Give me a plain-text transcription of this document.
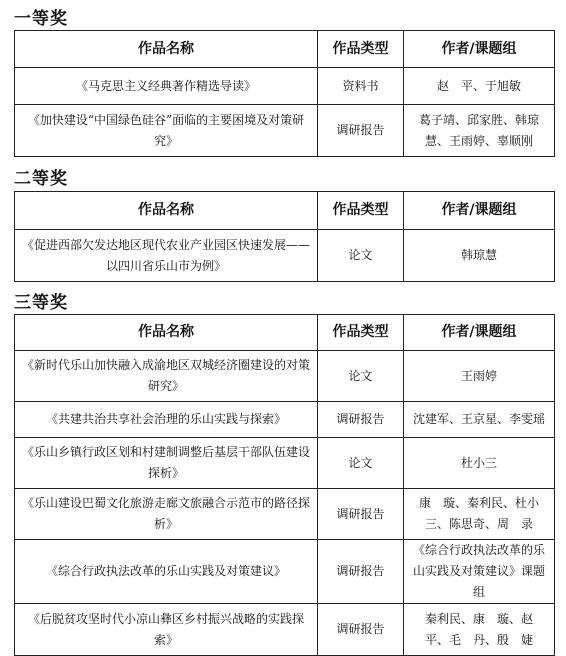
一等奖
作品名称	作品类型	作者/课题组
《马克思主义经典著作精选导读》	资料书	赵　平、于旭敏
《加快建设“中国绿色硅谷”面临的主要困境及对策研究》	调研报告	葛子靖、邱家胜、韩琼慧、王雨婷、辜顺刚
二等奖
作品名称	作品类型	作者/课题组
《促进西部欠发达地区现代农业产业园区快速发展——以四川省乐山市为例》	论文	韩琼慧
三等奖
作品名称	作品类型	作者/课题组
《新时代乐山加快融入成渝地区双城经济圈建设的对策研究》	论文	王雨婷
《共建共治共享社会治理的乐山实践与探索》	调研报告	沈建军、王京星、李雯瑶
《乐山乡镇行政区划和村建制调整后基层干部队伍建设探析》	论文	杜小三
《乐山建设巴蜀文化旅游走廊文旅融合示范市的路径探析》	调研报告	康　璇、秦利民、杜小三、陈思奇、周　录
《综合行政执法改革的乐山实践及对策建议》	调研报告	《综合行政执法改革的乐山实践及对策建议》课题组
《后脱贫攻坚时代小凉山彝区乡村振兴战略的实践探索》	调研报告	秦利民、康　璇、赵　平、毛　丹、殷　婕
